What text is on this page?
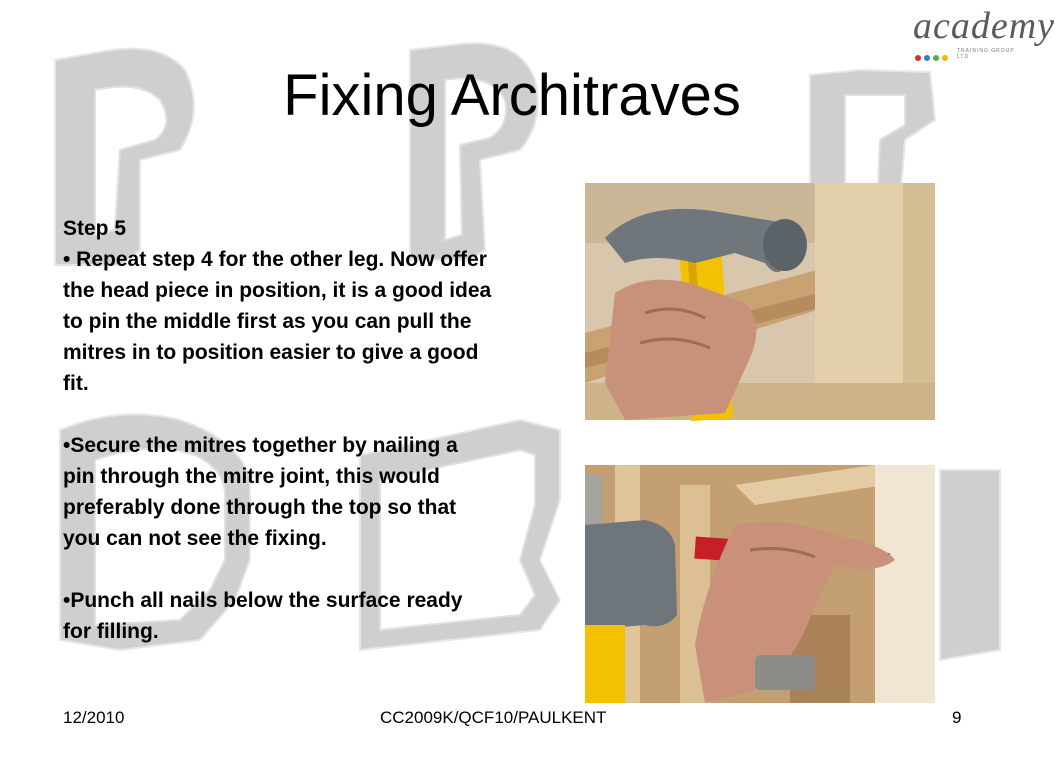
academy
TRAINING GROUP LTD
Fixing Architraves
Step 5

• Repeat step 4 for the other leg. Now offer the head piece in position, it is a good idea to pin the middle first as you can pull the mitres in to position easier to give a good fit.

•Secure the mitres together by nailing a pin through the mitre joint, this would preferably done through the top so that you can not see the fixing.

•Punch all nails below the surface ready for filling.

12/2010	CC2009K/QCF10/PAULKENT	9
